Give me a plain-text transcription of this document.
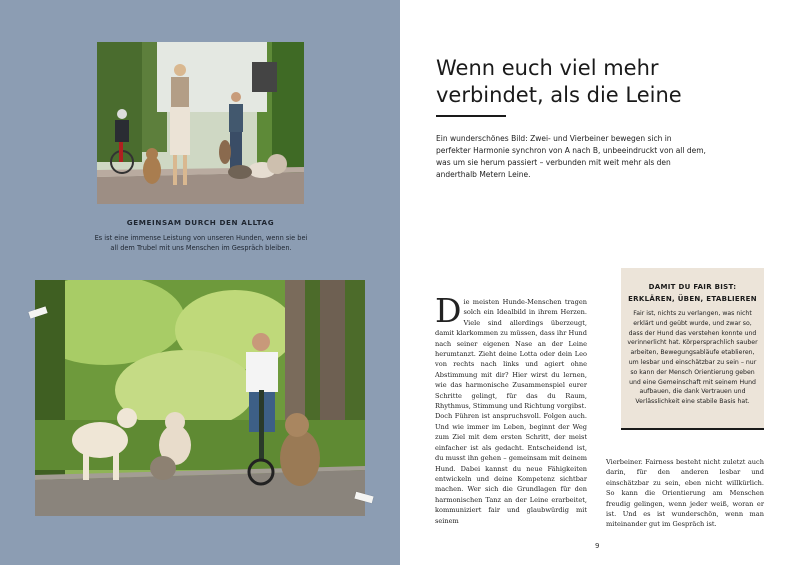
GEMEINSAM DURCH DEN ALLTAG
Es ist eine immense Leistung von unseren Hunden, wenn sie bei all dem Trubel mit uns Menschen im Gespräch bleiben.
Wenn euch viel mehr
verbindet, als die Leine
Ein wunderschönes Bild: Zwei- und Vierbeiner bewegen sich in perfekter Harmonie synchron von A nach B, unbeeindruckt von all dem, was um sie herum passiert – verbunden mit weit mehr als den anderthalb Metern Leine.
D ie meisten Hunde-Menschen tragen solch ein Idealbild in ihrem Herzen. Viele sind allerdings überzeugt, damit klarkommen zu müssen, dass ihr Hund nach seiner eigenen Nase an der Leine herumtanzt. Zieht deine Lotta oder dein Leo von rechts nach links und agiert ohne Abstimmung mit dir? Hier wirst du lernen, wie das harmonische Zusammenspiel eurer Schritte gelingt, für das du Raum, Rhythmus, Stimmung und Richtung vorgibst.

Doch Führen ist anspruchsvoll. Folgen auch. Und wie immer im Leben, beginnt der Weg zum Ziel mit dem ersten Schritt, der meist einfacher ist als gedacht. Entscheidend ist, du musst ihn gehen – gemeinsam mit deinem Hund. Dabei kannst du neue Fähigkeiten entwickeln und deine Kompetenz sichtbar machen. Wer sich die Grundlagen für den harmonischen Tanz an der Leine erarbeitet, kommuniziert fair und glaubwürdig mit seinem

DAMIT DU FAIR BIST:
ERKLÄREN, ÜBEN, ETABLIEREN
Fair ist, nichts zu verlangen, was nicht erklärt und geübt wurde, und zwar so, dass der Hund das verstehen konnte und verinnerlicht hat. Körpersprachlich sauber arbeiten, Bewegungsabläufe etablieren, um lesbar und einschätzbar zu sein – nur so kann der Mensch Orientierung geben und eine Gemeinschaft mit seinem Hund aufbauen, die dank Vertrauen und Verlässlichkeit eine stabile Basis hat.

Vierbeiner. Fairness besteht nicht zuletzt auch darin, für den anderen lesbar und einschätzbar zu sein, eben nicht willkürlich. So kann die Orientierung am Menschen freudig gelingen, wenn jeder weiß, woran er ist. Und es ist wunderschön, wenn man miteinander gut im Gespräch ist.

9
